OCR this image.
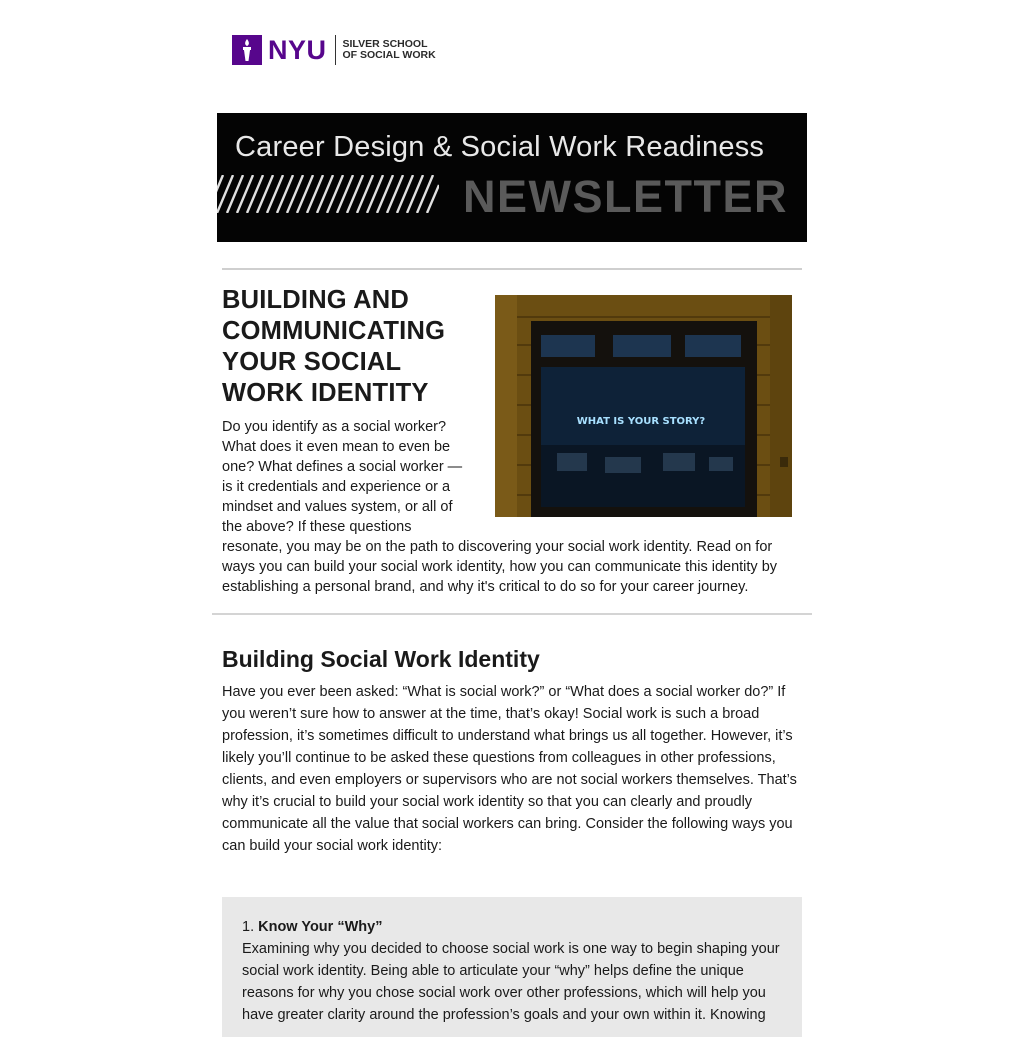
NYU SILVER SCHOOL
OF SOCIAL WORK
Career Design & Social Work Readiness
NEWSLETTER
WHAT IS YOUR STORY?
BUILDING AND COMMUNICATING YOUR SOCIAL WORK IDENTITY

Do you identify as a social worker? What does it even mean to even be one? What defines a social worker — is it credentials and experience or a mindset and values system, or all of the above? If these questions resonate, you may be on the path to discovering your social work identity. Read on for ways you can build your social work identity, how you can communicate this identity by establishing a personal brand, and why it's critical to do so for your career journey.

Building Social Work Identity

Have you ever been asked: “What is social work?” or “What does a social worker do?” If you weren’t sure how to answer at the time, that’s okay! Social work is such a broad profession, it’s sometimes difficult to understand what brings us all together. However, it’s likely you’ll continue to be asked these questions from colleagues in other professions, clients, and even employers or supervisors who are not social workers themselves. That’s why it’s crucial to build your social work identity so that you can clearly and proudly communicate all the value that social workers can bring. Consider the following ways you can build your social work identity:

1. Know Your “Why”
Examining why you decided to choose social work is one way to begin shaping your social work identity. Being able to articulate your “why” helps define the unique reasons for why you chose social work over other professions, which will help you have greater clarity around the profession’s goals and your own within it. Knowing
